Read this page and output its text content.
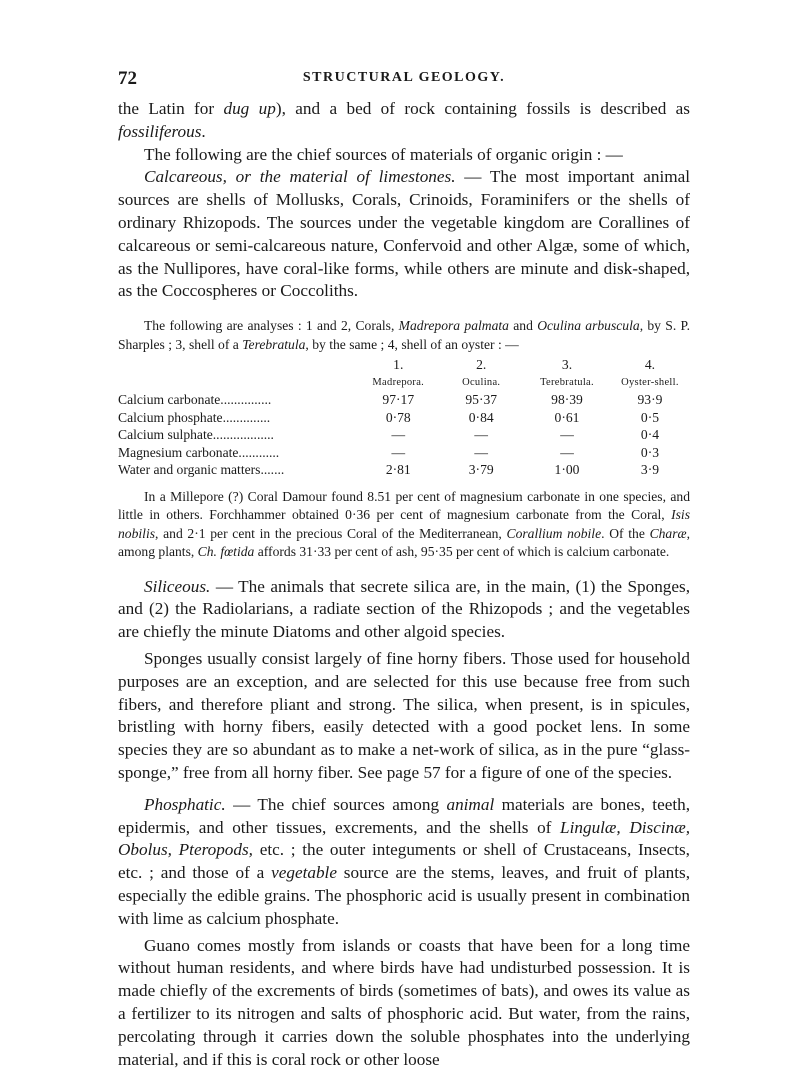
72	STRUCTURAL GEOLOGY.

the Latin for dug up), and a bed of rock containing fossils is described as fossiliferous.

The following are the chief sources of materials of organic origin : —

Calcareous, or the material of limestones. — The most important animal sources are shells of Mollusks, Corals, Crinoids, Foraminifers or the shells of ordinary Rhizopods. The sources under the vegetable kingdom are Corallines of calcareous or semi-calcareous nature, Confervoid and other Algæ, some of which, as the Nullipores, have coral-like forms, while others are minute and disk-shaped, as the Coccospheres or Coccoliths.

The following are analyses : 1 and 2, Corals, Madrepora palmata and Oculina arbuscula, by S. P. Sharples ; 3, shell of a Terebratula, by the same ; 4, shell of an oyster : —

	1.	2.	3.	4.
	Madrepora.	Oculina.	Terebratula.	Oyster-shell.
Calcium carbonate...............	97·17	95·37	98·39	93·9
Calcium phosphate..............	0·78	0·84	0·61	0·5
Calcium sulphate..................	—	—	—	0·4
Magnesium carbonate............	—	—	—	0·3
Water and organic matters.......	2·81	3·79	1·00	3·9

In a Millepore (?) Coral Damour found 8.51 per cent of magnesium carbonate in one species, and little in others. Forchhammer obtained 0·36 per cent of magnesium carbonate from the Coral, Isis nobilis, and 2·1 per cent in the precious Coral of the Mediterranean, Corallium nobile. Of the Charæ, among plants, Ch. fœtida affords 31·33 per cent of ash, 95·35 per cent of which is calcium carbonate.

Siliceous. — The animals that secrete silica are, in the main, (1) the Sponges, and (2) the Radiolarians, a radiate section of the Rhizopods ; and the vegetables are chiefly the minute Diatoms and other algoid species.

Sponges usually consist largely of fine horny fibers. Those used for household purposes are an exception, and are selected for this use because free from such fibers, and therefore pliant and strong. The silica, when present, is in spicules, bristling with horny fibers, easily detected with a good pocket lens. In some species they are so abundant as to make a net-work of silica, as in the pure “glass-sponge,” free from all horny fiber. See page 57 for a figure of one of the species.

Phosphatic. — The chief sources among animal materials are bones, teeth, epidermis, and other tissues, excrements, and the shells of Lingulæ, Discinæ, Obolus, Pteropods, etc. ; the outer integuments or shell of Crustaceans, Insects, etc. ; and those of a vegetable source are the stems, leaves, and fruit of plants, especially the edible grains. The phosphoric acid is usually present in combination with lime as calcium phosphate.

Guano comes mostly from islands or coasts that have been for a long time without human residents, and where birds have had undisturbed possession. It is made chiefly of the excrements of birds (sometimes of bats), and owes its value as a fertilizer to its nitrogen and salts of phosphoric acid. But water, from the rains, percolating through it carries down the soluble phosphates into the underlying material, and if this is coral rock or other loose
